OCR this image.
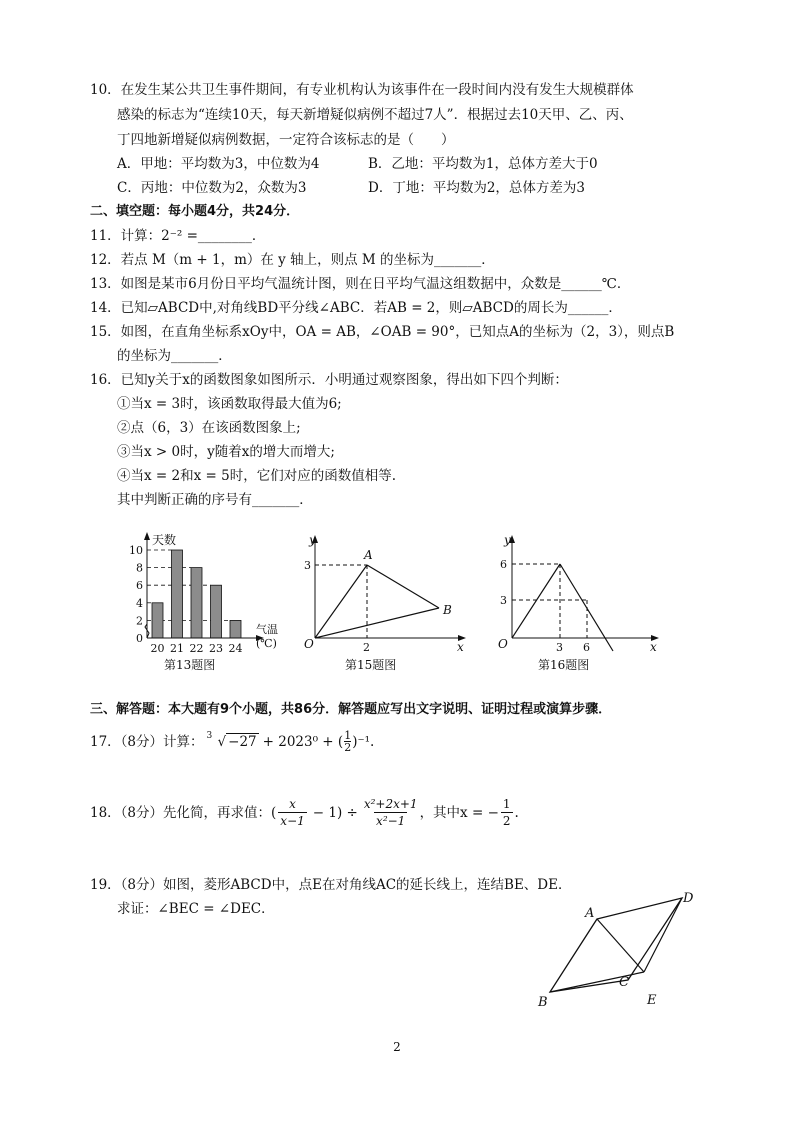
10．在发生某公共卫生事件期间，有专业机构认为该事件在一段时间内没有发生大规模群体
感染的标志为“连续10天，每天新增疑似病例不超过7人”．根据过去10天甲、乙、丙、
丁四地新增疑似病例数据，一定符合该标志的是（　　）
A．甲地：平均数为3，中位数为4	B．乙地：平均数为1，总体方差大于0
C．丙地：中位数为2，众数为3	D．丁地：平均数为2，总体方差为3
二、填空题：每小题4分，共24分．
11．计算：2⁻² =________．
12．若点 M（m + 1，m）在 y 轴上，则点 M 的坐标为_______．
13．如图是某市6月份日平均气温统计图，则在日平均气温这组数据中，众数是______℃．
14．已知▱ABCD中,对角线BD平分线∠ABC．若AB = 2，则▱ABCD的周长为______．
15．如图，在直角坐标系xOy中，OA = AB，∠OAB = 90°，已知点A的坐标为（2，3），则点B
的坐标为_______．
16．已知y关于x的函数图象如图所示．小明通过观察图象，得出如下四个判断：
①当x = 3时，该函数取得最大值为6;
②点（6，3）在该函数图象上;
③当x > 0时，y随着x的增大而增大;
④当x = 2和x = 5时，它们对应的函数值相等.
其中判断正确的序号有_______．
0
2
4
6
8
10
20 21 22 23 24
天数
气温
(℃)
第13题图
y
x
O
A
B
3
2
第15题图
y
x
O
6
3
3 6
第16题图
三、解答题：本大题有9个小题，共86分．解答题应写出文字说明、证明过程或演算步骤．
17．（8分）计算： 3 √ −27 + 2023⁰ + ( $\frac{1}{2} )^{-1}$.
18．（8分）先化简，再求值：( $\frac{x}{x-1} - 1) \div \frac{\text{x²+2x+1}}{\text{x²−1}}$ ，其中x = − $\frac{1}{2}$ .
19．（8分）如图，菱形ABCD中，点E在对角线AC的延长线上，连结BE、DE．
求证：∠BEC = ∠DEC．	A
B
C
D
E
2
